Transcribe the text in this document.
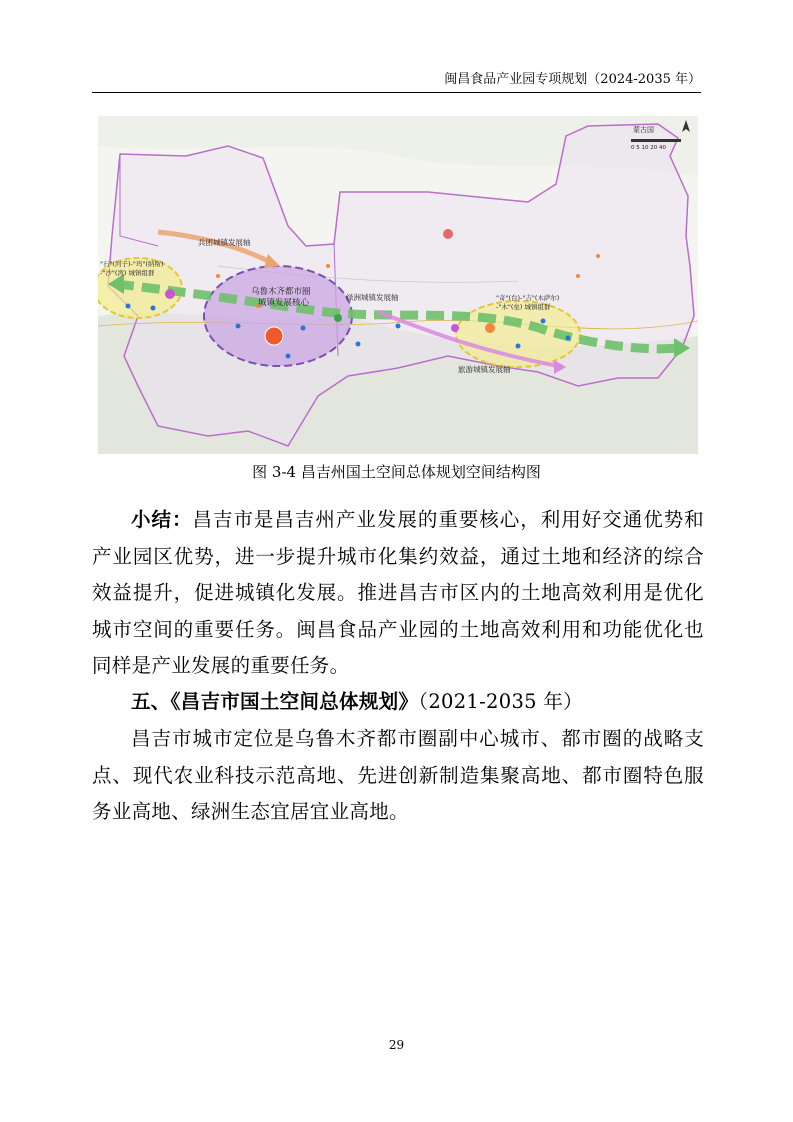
闽昌食品产业园专项规划（2024-2035 年）
兵团城镇发展轴
乌鲁木齐都市圈
城镇发展核心
绿洲城镇发展轴
旅游城镇发展轴
"石"(河子)-"玛"(纳斯)
-"沙"(湾) 城镇组群
"奇"(台)-"吉"(木萨尔)
-"木"(垒) 城镇组群
蒙古国
0 5 10 20 40
图 3-4 昌吉州国土空间总体规划空间结构图
小结：昌吉市是昌吉州产业发展的重要核心，利用好交通优势和产业园区优势，进一步提升城市化集约效益，通过土地和经济的综合效益提升，促进城镇化发展。推进昌吉市区内的土地高效利用是优化城市空间的重要任务。闽昌食品产业园的土地高效利用和功能优化也同样是产业发展的重要任务。
五、《昌吉市国土空间总体规划》（2021-2035 年）
昌吉市城市定位是乌鲁木齐都市圈副中心城市、都市圈的战略支点、现代农业科技示范高地、先进创新制造集聚高地、都市圈特色服务业高地、绿洲生态宜居宜业高地。
29
